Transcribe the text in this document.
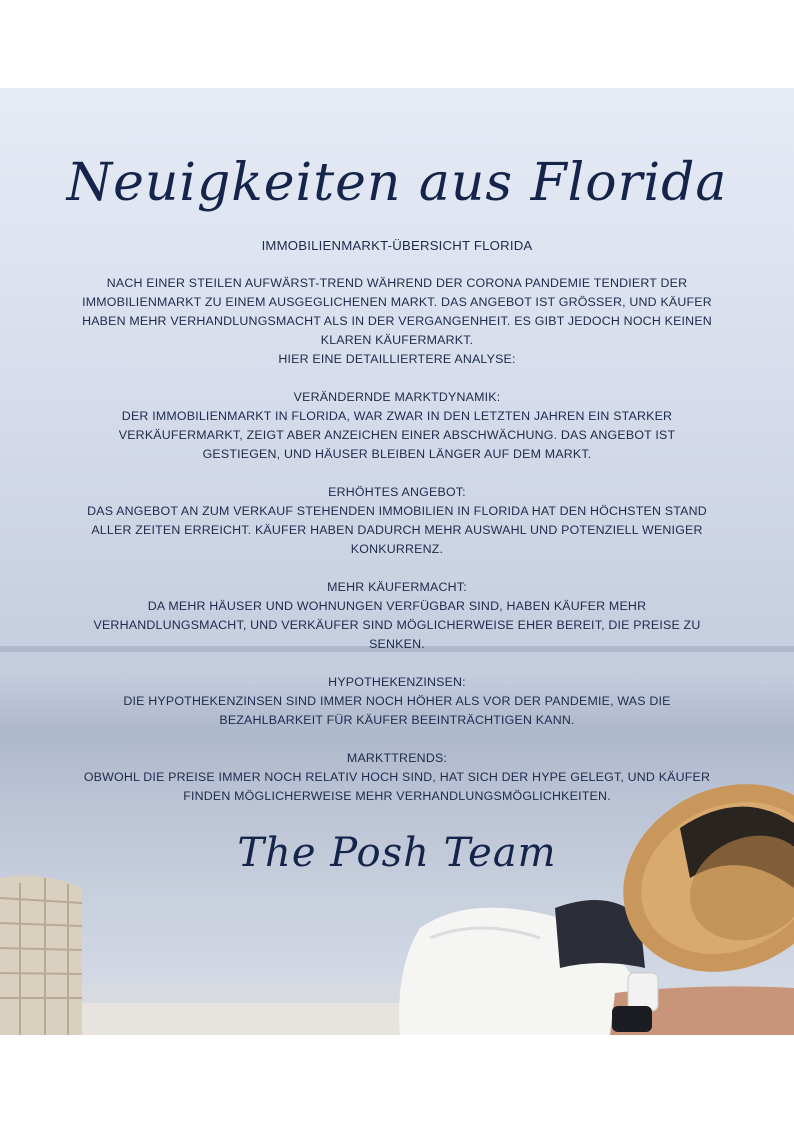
Neuigkeiten aus Florida

IMMOBILIENMARKT-ÜBERSICHT FLORIDA

NACH EINER STEILEN AUFWÄRST-TREND WÄHREND DER CORONA PANDEMIE TENDIERT DER IMMOBILIENMARKT ZU EINEM AUSGEGLICHENEN MARKT. DAS ANGEBOT IST GRÖSSER, UND KÄUFER HABEN MEHR VERHANDLUNGSMACHT ALS IN DER VERGANGENHEIT. ES GIBT JEDOCH NOCH KEINEN KLAREN KÄUFERMARKT.

HIER EINE DETAILLIERTERE ANALYSE:

VERÄNDERNDE MARKTDYNAMIK:

DER IMMOBILIENMARKT IN FLORIDA, WAR ZWAR IN DEN LETZTEN JAHREN EIN STARKER VERKÄUFERMARKT, ZEIGT ABER ANZEICHEN EINER ABSCHWÄCHUNG. DAS ANGEBOT IST GESTIEGEN, UND HÄUSER BLEIBEN LÄNGER AUF DEM MARKT.

ERHÖHTES ANGEBOT:

DAS ANGEBOT AN ZUM VERKAUF STEHENDEN IMMOBILIEN IN FLORIDA HAT DEN HÖCHSTEN STAND ALLER ZEITEN ERREICHT. KÄUFER HABEN DADURCH MEHR AUSWAHL UND POTENZIELL WENIGER KONKURRENZ.

MEHR KÄUFERMACHT:

DA MEHR HÄUSER UND WOHNUNGEN VERFÜGBAR SIND, HABEN KÄUFER MEHR VERHANDLUNGSMACHT, UND VERKÄUFER SIND MÖGLICHERWEISE EHER BEREIT, DIE PREISE ZU SENKEN.

HYPOTHEKENZINSEN:

DIE HYPOTHEKENZINSEN SIND IMMER NOCH HÖHER ALS VOR DER PANDEMIE, WAS DIE BEZAHLBARKEIT FÜR KÄUFER BEEINTRÄCHTIGEN KANN.

MARKTTRENDS:

OBWOHL DIE PREISE IMMER NOCH RELATIV HOCH SIND, HAT SICH DER HYPE GELEGT, UND KÄUFER FINDEN MÖGLICHERWEISE MEHR VERHANDLUNGSMÖGLICHKEITEN.

The Posh Team
